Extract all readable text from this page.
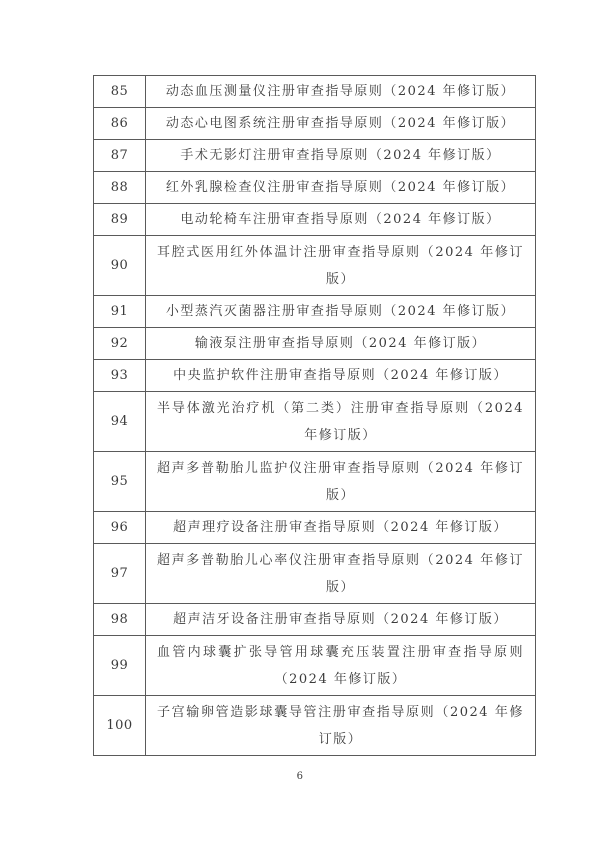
85	动态血压测量仪注册审查指导原则（2024 年修订版）
86	动态心电图系统注册审查指导原则（2024 年修订版）
87	手术无影灯注册审查指导原则（2024 年修订版）
88	红外乳腺检查仪注册审查指导原则（2024 年修订版）
89	电动轮椅车注册审查指导原则（2024 年修订版）
90	耳腔式医用红外体温计注册审查指导原则（2024 年修订版）
91	小型蒸汽灭菌器注册审查指导原则（2024 年修订版）
92	输液泵注册审查指导原则（2024 年修订版）
93	中央监护软件注册审查指导原则（2024 年修订版）
94	半导体激光治疗机（第二类）注册审查指导原则（2024 年修订版）
95	超声多普勒胎儿监护仪注册审查指导原则（2024 年修订版）
96	超声理疗设备注册审查指导原则（2024 年修订版）
97	超声多普勒胎儿心率仪注册审查指导原则（2024 年修订版）
98	超声洁牙设备注册审查指导原则（2024 年修订版）
99	血管内球囊扩张导管用球囊充压装置注册审查指导原则（2024 年修订版）
100	子宫输卵管造影球囊导管注册审查指导原则（2024 年修订版）
6
